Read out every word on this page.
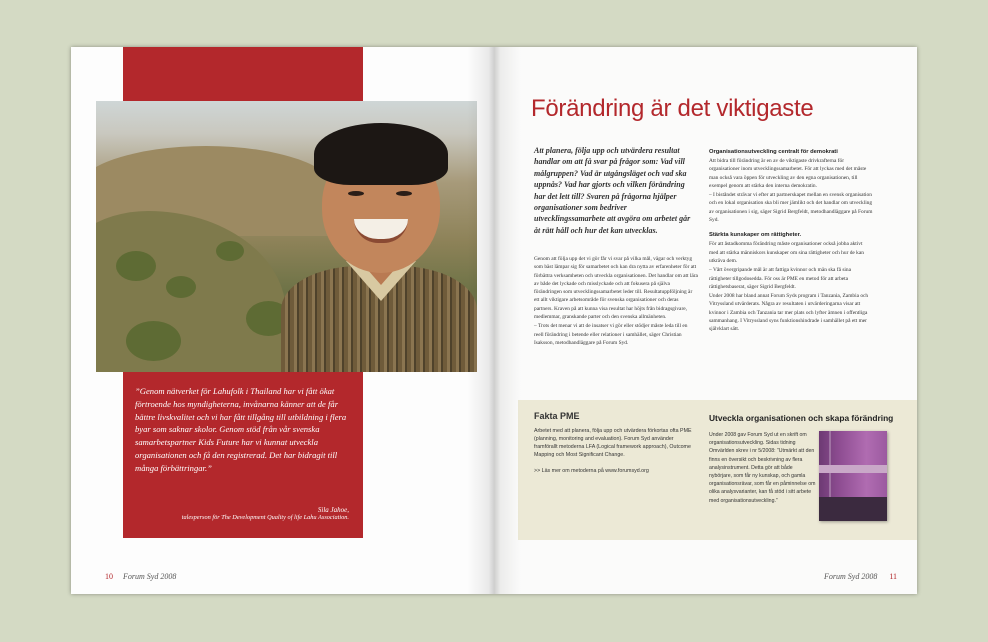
”Genom nätverket för Lahufolk i Thailand har vi fått ökat förtroende hos myndigheterna, invånarna känner att de får bättre livskvalitet och vi har fått tillgång till utbildning i flera byar som saknar skolor. Genom stöd från vår svenska samarbetspartner Kids Future har vi kunnat utveckla organisationen och få den registrerad. Det har bidragit till många förbättringar.”

Sila Jahoe,
talesperson för The Development Quality of life Lahu Association.
10 Forum Syd 2008
Förändring är det viktigaste

Att planera, följa upp och utvärdera resultat handlar om att få svar på frågor som: Vad vill målgruppen? Vad är utgångsläget och vad ska uppnås? Vad har gjorts och vilken förändring har det lett till? Svaren på frågorna hjälper organisationer som bedriver utvecklingssamarbete att avgöra om arbetet går åt rätt håll och hur det kan utvecklas.

Genom att följa upp det vi gör får vi svar på vilka mål, vägar och verktyg som bäst lämpar sig för samarbetet och kan dra nytta av erfarenheter för att förbättra verksamheten och utveckla organisationen. Det handlar om att lära av både det lyckade och misslyckade och att fokusera på själva förändringen som utvecklingssamarbetet leder till. Resultatuppföljning är ett allt viktigare arbetsområde för svenska organisationer och deras partners. Kraven på att kunna visa resultat har höjts från bidragsgivare, medlemmar, granskande parter och den svenska allmänheten.

– Trots det menar vi att de insatser vi gör eller stödjer måste leda till en reell förändring i betende eller relationer i samhället, säger Christian Isaksson, metodhandläggare på Forum Syd.

Organisationsutveckling centralt för demokrati

Att bidra till förändring är en av de viktigaste drivkrafterna för organisationer inom utvecklingssamarbetet. För att lyckas med det måste man också vara öppen för utveckling av den egna organisationen, till exempel genom att stärka den interna demokratin.

– I biståndet strävar vi efter att partnerskapet mellan en svensk organisation och en lokal organisation ska bli mer jämlikt och det handlar om utveckling av organisationen i sig, säger Sigrid Bergfeldt, metodhandläggare på Forum Syd.

Stärkta kunskaper om rättigheter.

För att åstadkomma förändring måste organisationer också jobba aktivt med att stärka människors kunskaper om sina rättigheter och hur de kan utkräva dem.

– Vårt övergripande mål är att fattiga kvinnor och män ska få sina rättigheter tillgodosedda. För oss är PME en metod för att arbeta rättighetsbaserat, säger Sigrid Bergfeldt.

Under 2008 har bland annat Forum Syds program i Tanzania, Zambia och Vitryssland utvärderats. Några av resultaten i utvärderingarna visar att kvinnor i Zambia och Tanzania tar mer plats och lyfter ämnen i offentliga sammanhang. I Vitryssland syns funktionshindrade i samhället på ett mer självklart sätt.

Fakta PME

Arbetet med att planera, följa upp och utvärdera förkortas ofta PME (planning, monitoring and evaluation). Forum Syd använder framförallt metoderna LFA (Logical framework approach), Outcome Mapping och Most Significant Change.

>> Läs mer om metoderna på www.forumsyd.org
Utveckla organisationen och skapa förändring

Under 2008 gav Forum Syd ut en skrift om organisationsutveckling. Sidas tidning Omvärlden skrev i nr 5/2008: ”Utmärkt att den finns en översikt och beskrivning av flera analysinstrument. Detta gör att både nybörjare, som får ny kunskap, och gamla organisationsrävar, som får en påminnelse om olika analysvarianter, kan få stöd i sitt arbete med organisationsutveckling.”

Forum Syd 2008 11
